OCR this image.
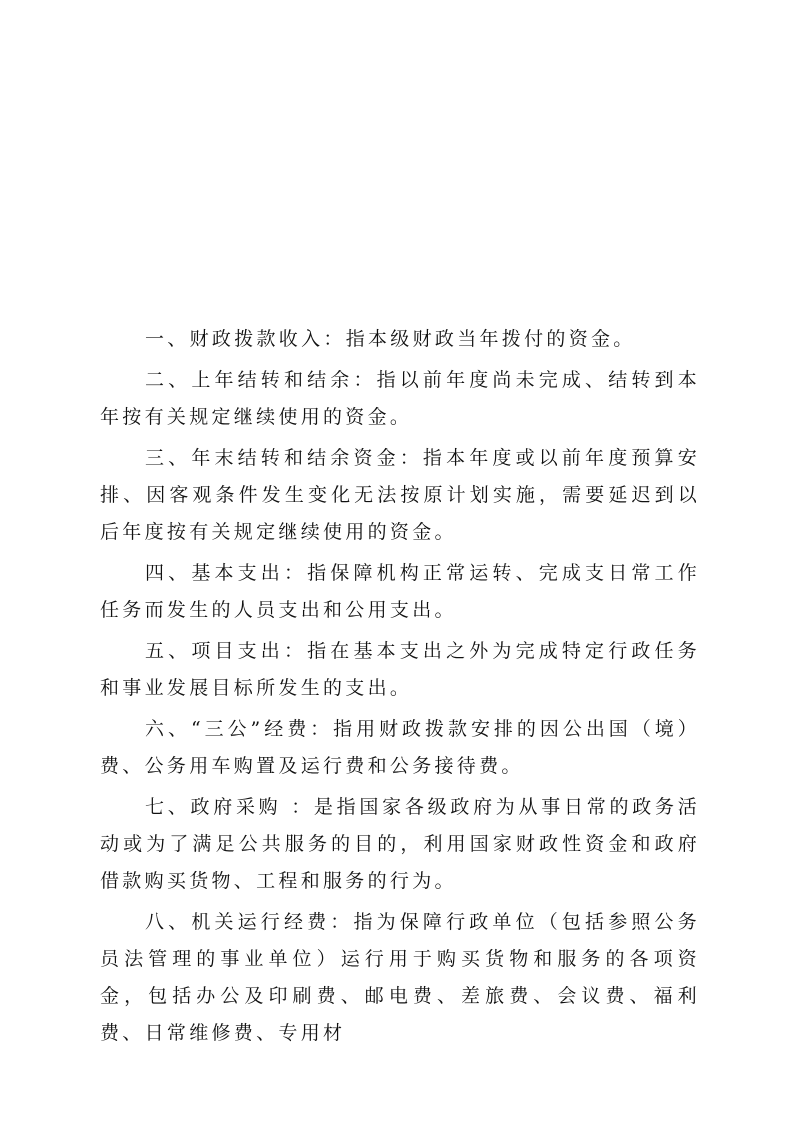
一、财政拨款收入：指本级财政当年拨付的资金。

二、上年结转和结余：指以前年度尚未完成、结转到本年按有关规定继续使用的资金。

三、年末结转和结余资金：指本年度或以前年度预算安排、因客观条件发生变化无法按原计划实施，需要延迟到以后年度按有关规定继续使用的资金。

四、基本支出：指保障机构正常运转、完成支日常工作任务而发生的人员支出和公用支出。

五、项目支出：指在基本支出之外为完成特定行政任务和事业发展目标所发生的支出。

六、“三公”经费：指用财政拨款安排的因公出国（境）费、公务用车购置及运行费和公务接待费。

七、政府采购 ：是指国家各级政府为从事日常的政务活动或为了满足公共服务的目的，利用国家财政性资金和政府借款购买货物、工程和服务的行为。

八、机关运行经费：指为保障行政单位（包括参照公务员法管理的事业单位）运行用于购买货物和服务的各项资金，包括办公及印刷费、邮电费、差旅费、会议费、福利费、日常维修费、专用材
